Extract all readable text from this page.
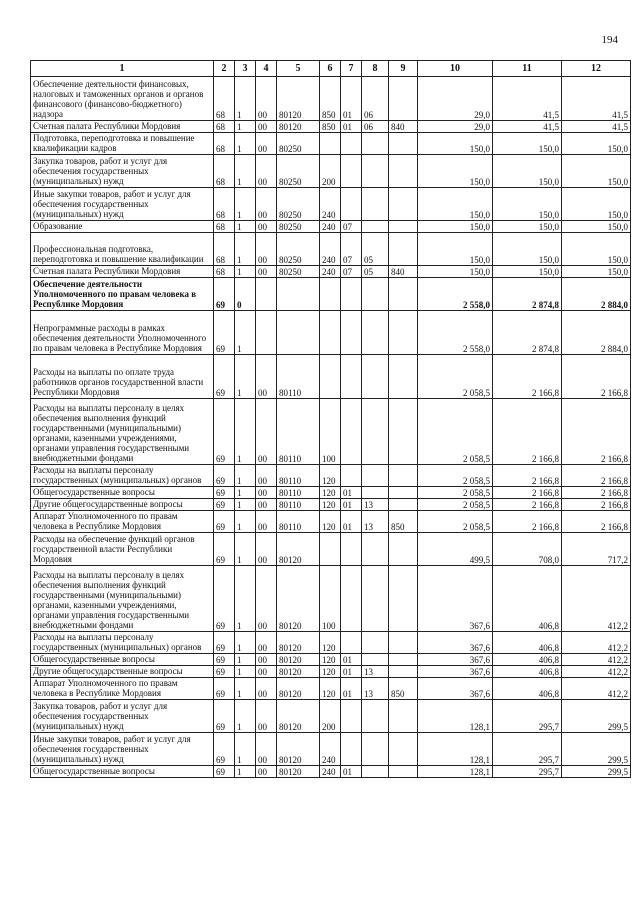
194
1	2	3	4	5	6	7	8	9	10	11	12
Обеспечение деятельности финансовых, налоговых и таможенных органов и органов финансового (финансово-бюджетного) надзора	68	1	00	80120	850	01	06		29,0	41,5	41,5
Счетная палата Республики Мордовия	68	1	00	80120	850	01	06	840	29,0	41,5	41,5
Подготовка, переподготовка и повышение квалификации кадров	68	1	00	80250					150,0	150,0	150,0
Закупка товаров, работ и услуг для обеспечения государственных (муниципальных) нужд	68	1	00	80250	200				150,0	150,0	150,0
Иные закупки товаров, работ и услуг для обеспечения государственных (муниципальных) нужд	68	1	00	80250	240				150,0	150,0	150,0
Образование	68	1	00	80250	240	07			150,0	150,0	150,0
Профессиональная подготовка, переподготовка и повышение квалификации	68	1	00	80250	240	07	05		150,0	150,0	150,0
Счетная палата Республики Мордовия	68	1	00	80250	240	07	05	840	150,0	150,0	150,0
Обеспечение деятельности Уполномоченного по правам человека в Республике Мордовия	69	0							2 558,0	2 874,8	2 884,0
Непрограммные расходы в рамках обеспечения деятельности Уполномоченного по правам человека в Республике Мордовия	69	1							2 558,0	2 874,8	2 884,0
Расходы на выплаты по оплате труда работников органов государственной власти Республики Мордовия	69	1	00	80110					2 058,5	2 166,8	2 166,8
Расходы на выплаты персоналу в целях обеспечения выполнения функций государственными (муниципальными) органами, казенными учреждениями, органами управления государственными внебюджетными фондами	69	1	00	80110	100				2 058,5	2 166,8	2 166,8
Расходы на выплаты персоналу государственных (муниципальных) органов	69	1	00	80110	120				2 058,5	2 166,8	2 166,8
Общегосударственные вопросы	69	1	00	80110	120	01			2 058,5	2 166,8	2 166,8
Другие общегосударственные вопросы	69	1	00	80110	120	01	13		2 058,5	2 166,8	2 166,8
Аппарат Уполномоченного по правам человека в Республике Мордовия	69	1	00	80110	120	01	13	850	2 058,5	2 166,8	2 166,8
Расходы на обеспечение функций органов государственной власти Республики Мордовия	69	1	00	80120					499,5	708,0	717,2
Расходы на выплаты персоналу в целях обеспечения выполнения функций государственными (муниципальными) органами, казенными учреждениями, органами управления государственными внебюджетными фондами	69	1	00	80120	100				367,6	406,8	412,2
Расходы на выплаты персоналу государственных (муниципальных) органов	69	1	00	80120	120				367,6	406,8	412,2
Общегосударственные вопросы	69	1	00	80120	120	01			367,6	406,8	412,2
Другие общегосударственные вопросы	69	1	00	80120	120	01	13		367,6	406,8	412,2
Аппарат Уполномоченного по правам человека в Республике Мордовия	69	1	00	80120	120	01	13	850	367,6	406,8	412,2
Закупка товаров, работ и услуг для обеспечения государственных (муниципальных) нужд	69	1	00	80120	200				128,1	295,7	299,5
Иные закупки товаров, работ и услуг для обеспечения государственных (муниципальных) нужд	69	1	00	80120	240				128,1	295,7	299,5
Общегосударственные вопросы	69	1	00	80120	240	01			128,1	295,7	299,5
